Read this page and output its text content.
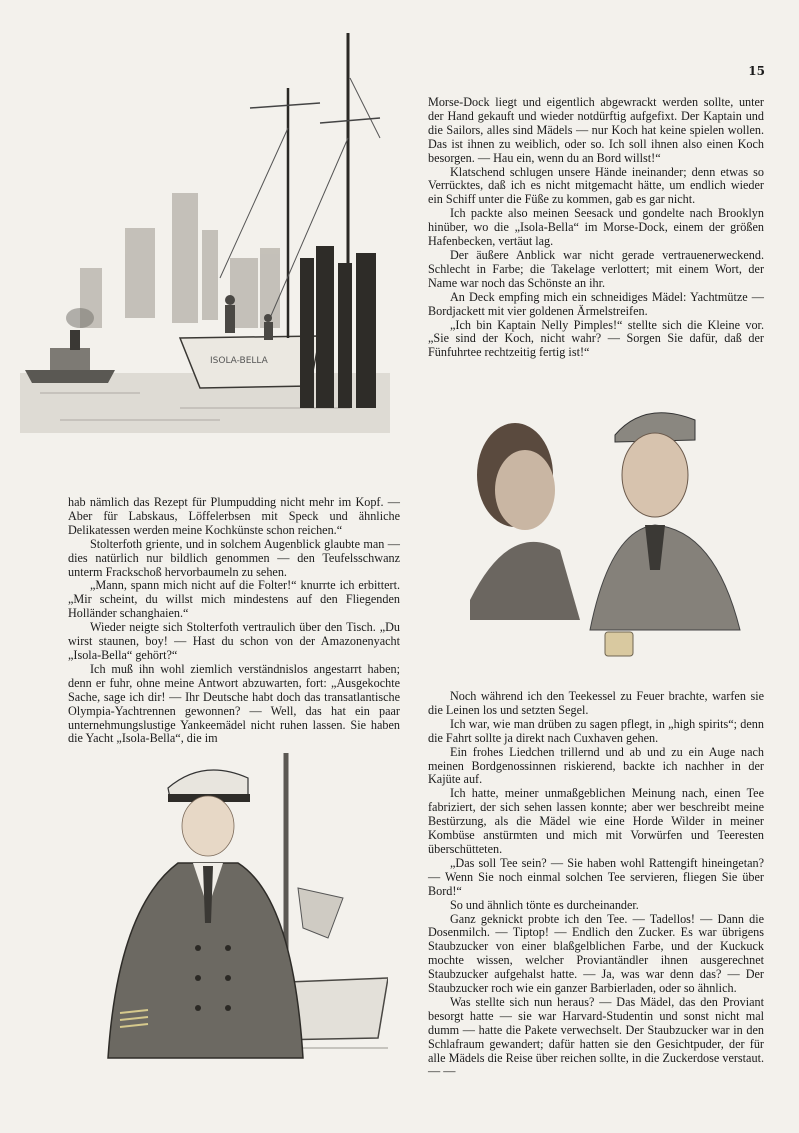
15
ISOLA-BELLA

Morse-Dock liegt und eigentlich abgewrackt werden sollte, unter der Hand gekauft und wieder notdürftig aufgefixt. Der Kaptain und die Sailors, alles sind Mädels — nur Koch hat keine spielen wollen. Das ist ihnen zu weiblich, oder so. Ich soll ihnen also einen Koch besorgen. — Hau ein, wenn du an Bord willst!“

Klatschend schlugen unsere Hände ineinander; denn etwas so Verrücktes, daß ich es nicht mitgemacht hätte, um endlich wieder ein Schiff unter die Füße zu kommen, gab es gar nicht.

Ich packte also meinen Seesack und gondelte nach Brooklyn hinüber, wo die „Isola-Bella“ im Morse-Dock, einem der größen Hafenbecken, vertäut lag.

Der äußere Anblick war nicht gerade vertrauenerweckend. Schlecht in Farbe; die Takelage verlottert; mit einem Wort, der Name war noch das Schönste an ihr.

An Deck empfing mich ein schneidiges Mädel: Yachtmütze — Bordjackett mit vier goldenen Ärmelstreifen.

„Ich bin Kaptain Nelly Pimples!“ stellte sich die Kleine vor. „Sie sind der Koch, nicht wahr? — Sorgen Sie dafür, daß der Fünfuhrtee rechtzeitig fertig ist!“

hab nämlich das Rezept für Plumpudding nicht mehr im Kopf. — Aber für Labskaus, Löffelerbsen mit Speck und ähnliche Delikatessen werden meine Kochkünste schon reichen.“

Stolterfoth griente, und in solchem Augenblick glaubte man — dies natürlich nur bildlich genommen — den Teufelsschwanz unterm Frackschoß hervorbaumeln zu sehen.

„Mann, spann mich nicht auf die Folter!“ knurrte ich erbittert. „Mir scheint, du willst mich mindestens auf den Fliegenden Holländer schanghaien.“

Wieder neigte sich Stolterfoth vertraulich über den Tisch. „Du wirst staunen, boy! — Hast du schon von der Amazonenyacht „Isola-Bella“ gehört?“

Ich muß ihn wohl ziemlich verständnislos angestarrt haben; denn er fuhr, ohne meine Antwort abzuwarten, fort: „Ausgekochte Sache, sage ich dir! — Ihr Deutsche habt doch das transatlantische Olympia-Yachtrennen gewonnen? — Well, das hat ein paar unternehmungslustige Yankeemädel nicht ruhen lassen. Sie haben die Yacht „Isola-Bella“, die im

Noch während ich den Teekessel zu Feuer brachte, warfen sie die Leinen los und setzten Segel.

Ich war, wie man drüben zu sagen pflegt, in „high spirits“; denn die Fahrt sollte ja direkt nach Cuxhaven gehen.

Ein frohes Liedchen trillernd und ab und zu ein Auge nach meinen Bordgenossinnen riskierend, backte ich nachher in der Kajüte auf.

Ich hatte, meiner unmaßgeblichen Meinung nach, einen Tee fabriziert, der sich sehen lassen konnte; aber wer beschreibt meine Bestürzung, als die Mädel wie eine Horde Wilder in meiner Kombüse anstürmten und mich mit Vorwürfen und Teeresten überschütteten.

„Das soll Tee sein? — Sie haben wohl Rattengift hineingetan? — Wenn Sie noch einmal solchen Tee servieren, fliegen Sie über Bord!“

So und ähnlich tönte es durcheinander.

Ganz geknickt probte ich den Tee. — Tadellos! — Dann die Dosenmilch. — Tiptop! — Endlich den Zucker. Es war übrigens Staubzucker von einer blaßgelblichen Farbe, und der Kuckuck mochte wissen, welcher Proviantändler ihnen ausgerechnet Staubzucker aufgehalst hatte. — Ja, was war denn das? — Der Staubzucker roch wie ein ganzer Barbierladen, oder so ähnlich.

Was stellte sich nun heraus? — Das Mädel, das den Proviant besorgt hatte — sie war Harvard-Studentin und sonst nicht mal dumm — hatte die Pakete verwechselt. Der Staubzucker war in den Schlafraum gewandert; dafür hatten sie den Gesichtpuder, der für alle Mädels die Reise über reichen sollte, in die Zuckerdose verstaut. — —
